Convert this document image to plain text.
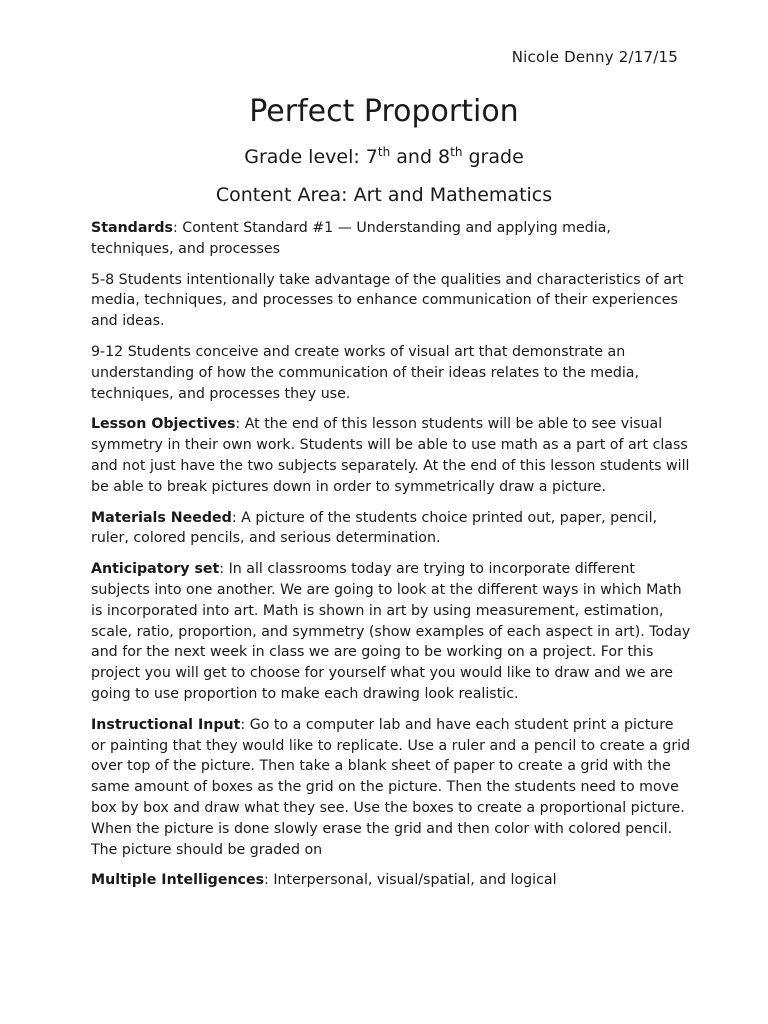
Nicole Denny 2/17/15
Perfect Proportion
Grade level: 7th and 8th grade
Content Area: Art and Mathematics

Standards: Content Standard #1 — Understanding and applying media, techniques, and processes

5-8 Students intentionally take advantage of the qualities and characteristics of art media, techniques, and processes to enhance communication of their experiences and ideas.

9-12 Students conceive and create works of visual art that demonstrate an understanding of how the communication of their ideas relates to the media, techniques, and processes they use.

Lesson Objectives: At the end of this lesson students will be able to see visual symmetry in their own work. Students will be able to use math as a part of art class and not just have the two subjects separately. At the end of this lesson students will be able to break pictures down in order to symmetrically draw a picture.

Materials Needed: A picture of the students choice printed out, paper, pencil, ruler, colored pencils, and serious determination.

Anticipatory set: In all classrooms today are trying to incorporate different subjects into one another. We are going to look at the different ways in which Math is incorporated into art. Math is shown in art by using measurement, estimation, scale, ratio, proportion, and symmetry (show examples of each aspect in art). Today and for the next week in class we are going to be working on a project. For this project you will get to choose for yourself what you would like to draw and we are going to use proportion to make each drawing look realistic.

Instructional Input: Go to a computer lab and have each student print a picture or painting that they would like to replicate. Use a ruler and a pencil to create a grid over top of the picture. Then take a blank sheet of paper to create a grid with the same amount of boxes as the grid on the picture. Then the students need to move box by box and draw what they see. Use the boxes to create a proportional picture. When the picture is done slowly erase the grid and then color with colored pencil. The picture should be graded on

Multiple Intelligences: Interpersonal, visual/spatial, and logical
